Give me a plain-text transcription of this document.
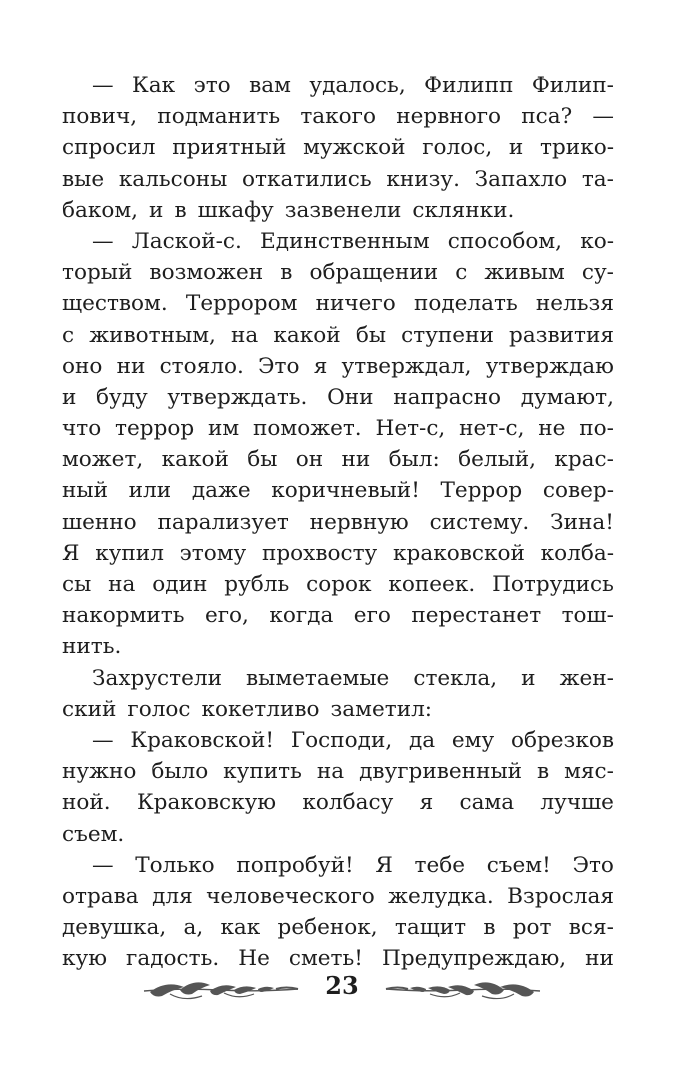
— Как это вам удалось, Филипп Филип-
пович, подманить такого нервного пса? —
спросил приятный мужской голос, и трико-
вые кальсоны откатились книзу. Запахло та-
баком, и в шкафу зазвенели склянки.
— Лаской-с. Единственным способом, ко-
торый возможен в обращении с живым су-
ществом. Террором ничего поделать нельзя
с животным, на какой бы ступени развития
оно ни стояло. Это я утверждал, утверждаю
и буду утверждать. Они напрасно думают,
что террор им поможет. Нет-с, нет-с, не по-
может, какой бы он ни был: белый, крас-
ный или даже коричневый! Террор совер-
шенно парализует нервную систему. Зина!
Я купил этому прохвосту краковской колба-
сы на один рубль сорок копеек. Потрудись
накормить его, когда его перестанет тош-
нить.
Захрустели выметаемые стекла, и жен-
ский голос кокетливо заметил:
— Краковской! Господи, да ему обрезков
нужно было купить на двугривенный в мяс-
ной. Краковскую колбасу я сама лучше
съем.
— Только попробуй! Я тебе съем! Это
отрава для человеческого желудка. Взрослая
девушка, а, как ребенок, тащит в рот вся-
кую гадость. Не сметь! Предупреждаю, ни
23
